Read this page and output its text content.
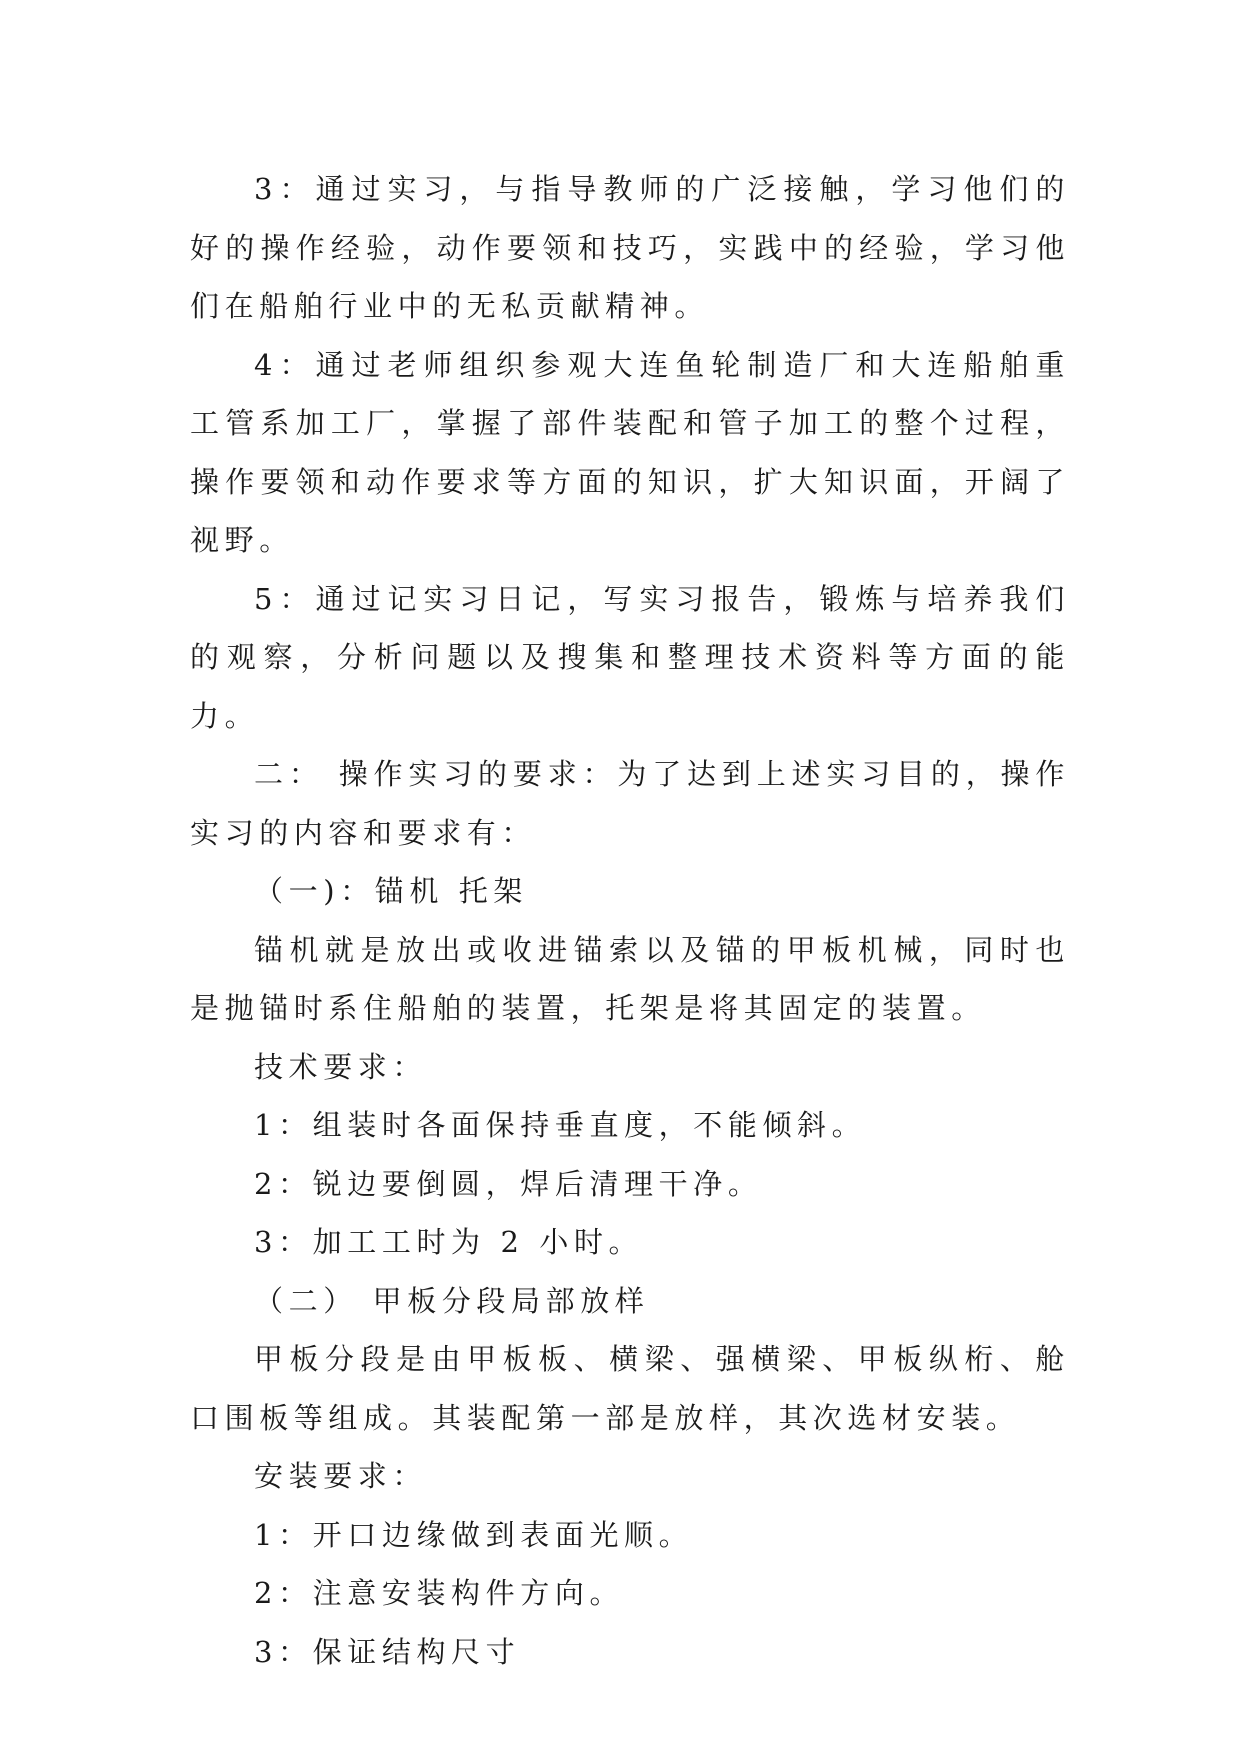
3：通过实习，与指导教师的广泛接触，学习他们的好的操作经验，动作要领和技巧，实践中的经验，学习他们在船舶行业中的无私贡献精神。

4：通过老师组织参观大连鱼轮制造厂和大连船舶重工管系加工厂，掌握了部件装配和管子加工的整个过程，操作要领和动作要求等方面的知识，扩大知识面，开阔了视野。

5：通过记实习日记，写实习报告，锻炼与培养我们的观察，分析问题以及搜集和整理技术资料等方面的能力。

二： 操作实习的要求：为了达到上述实习目的，操作实习的内容和要求有：

（一)：锚机 托架

锚机就是放出或收进锚索以及锚的甲板机械，同时也是抛锚时系住船舶的装置，托架是将其固定的装置。

技术要求：

1：组装时各面保持垂直度，不能倾斜。

2：锐边要倒圆，焊后清理干净。

3：加工工时为 2 小时。

（二） 甲板分段局部放样

甲板分段是由甲板板、横梁、强横梁、甲板纵桁、舱口围板等组成。其装配第一部是放样，其次选材安装。

安装要求：

1：开口边缘做到表面光顺。

2：注意安装构件方向。

3：保证结构尺寸
